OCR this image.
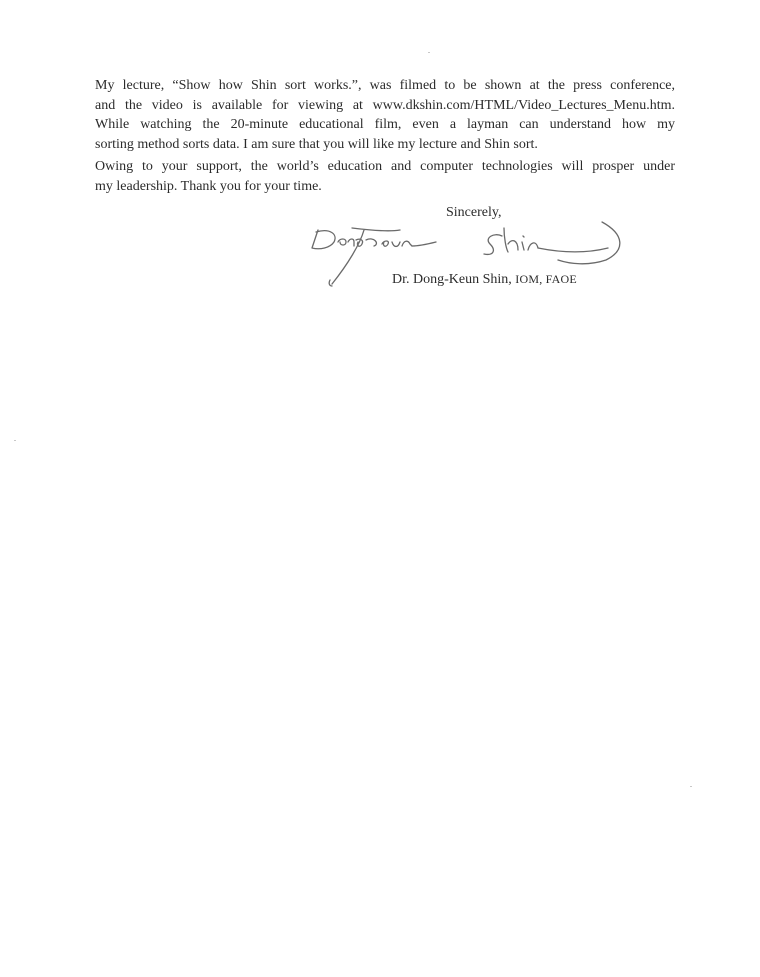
My lecture, “Show how Shin sort works.”, was filmed to be shown at the press conference,
and the video is available for viewing at www.dkshin.com/HTML/Video_Lectures_Menu.htm.
While watching the 20-minute educational film, even a layman can understand how my
sorting method sorts data. I am sure that you will like my lecture and Shin sort.

Owing to your support, the world’s education and computer technologies will prosper under
my leadership. Thank you for your time.

Sincerely,

Dr. Dong-Keun Shin, IOM, FAOE
